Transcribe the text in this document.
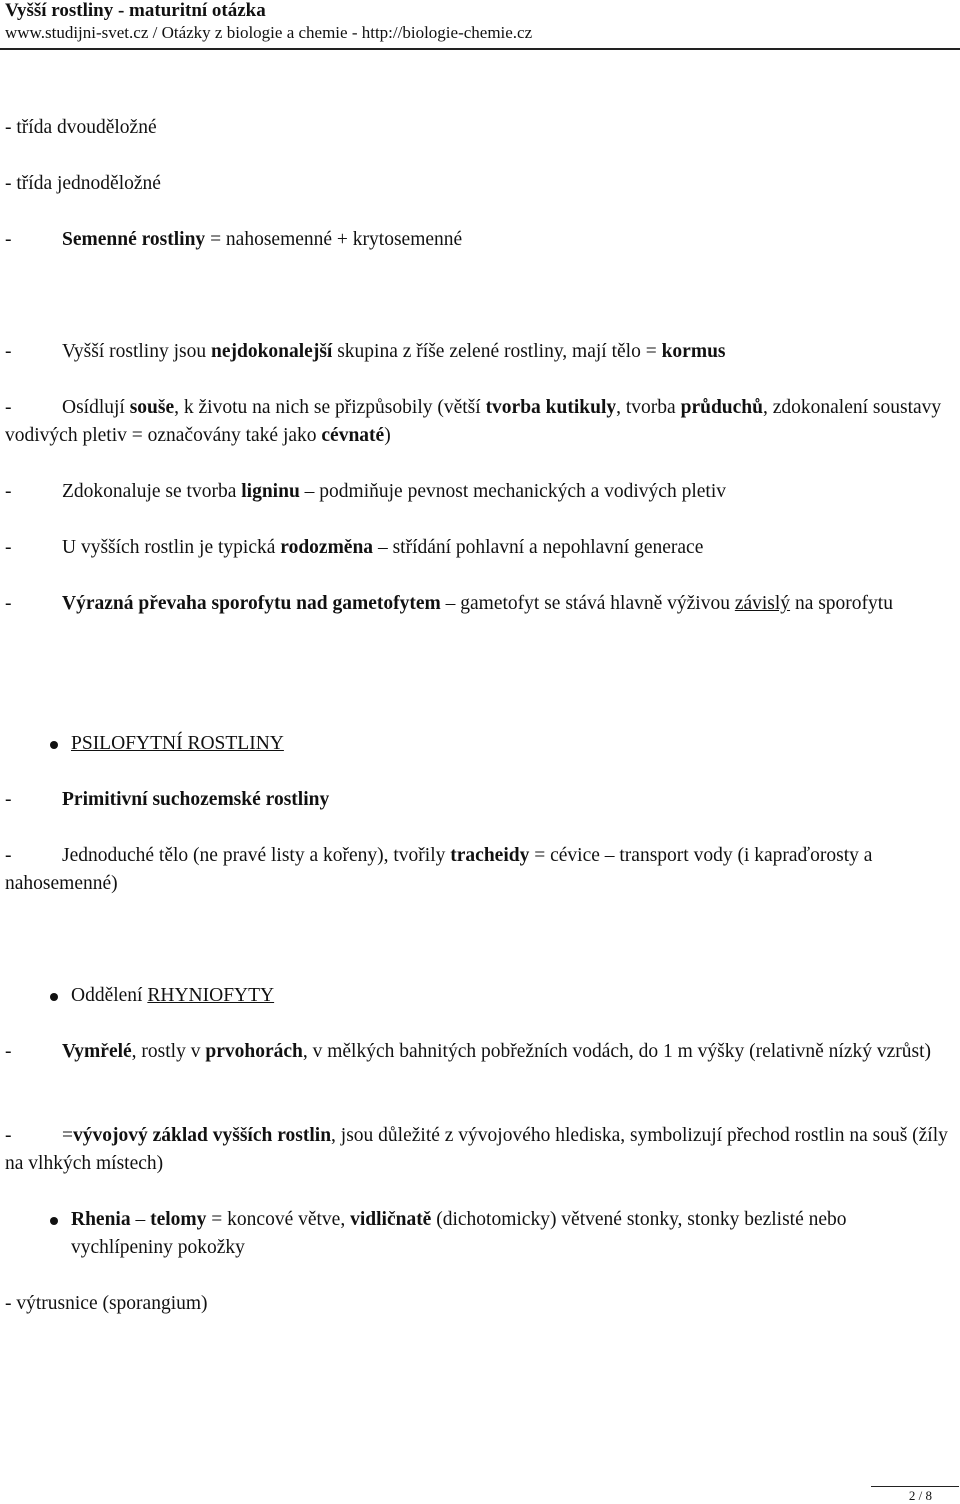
Vyšší rostliny - maturitní otázka
www.studijni-svet.cz / Otázky z biologie a chemie - http://biologie-chemie.cz

- třída dvouděložné

- třída jednoděložné

-	Semenné rostliny = nahosemenné + krytosemenné

-	Vyšší rostliny jsou nejdokonalejší skupina z říše zelené rostliny, mají tělo = kormus

-	Osídlují souše, k životu na nich se přizpůsobily (větší tvorba kutikuly, tvorba průduchů, zdokonalení soustavy vodivých pletiv = označovány také jako cévnaté)

-	Zdokonaluje se tvorba ligninu – podmiňuje pevnost mechanických a vodivých pletiv

-	U vyšších rostlin je typická rodozměna – střídání pohlavní a nepohlavní generace

-	Výrazná převaha sporofytu nad gametofytem – gametofyt se stává hlavně výživou závislý na sporofytu

PSILOFYTNÍ ROSTLINY

-	Primitivní suchozemské rostliny

-	Jednoduché tělo (ne pravé listy a kořeny), tvořily tracheidy = cévice – transport vody (i kapraďorosty a nahosemenné)

Oddělení RHYNIOFYTY

-	Vymřelé, rostly v prvohorách, v mělkých bahnitých pobřežních vodách, do 1 m výšky (relativně nízký vzrůst)

-	=vývojový základ vyšších rostlin, jsou důležité z vývojového hlediska, symbolizují přechod rostlin na souš (žíly na vlhkých místech)

Rhenia – telomy = koncové větve, vidličnatě (dichotomicky) větvené stonky, stonky bezlisté nebo vychlípeniny pokožky

- výtrusnice (sporangium)

2 / 8
